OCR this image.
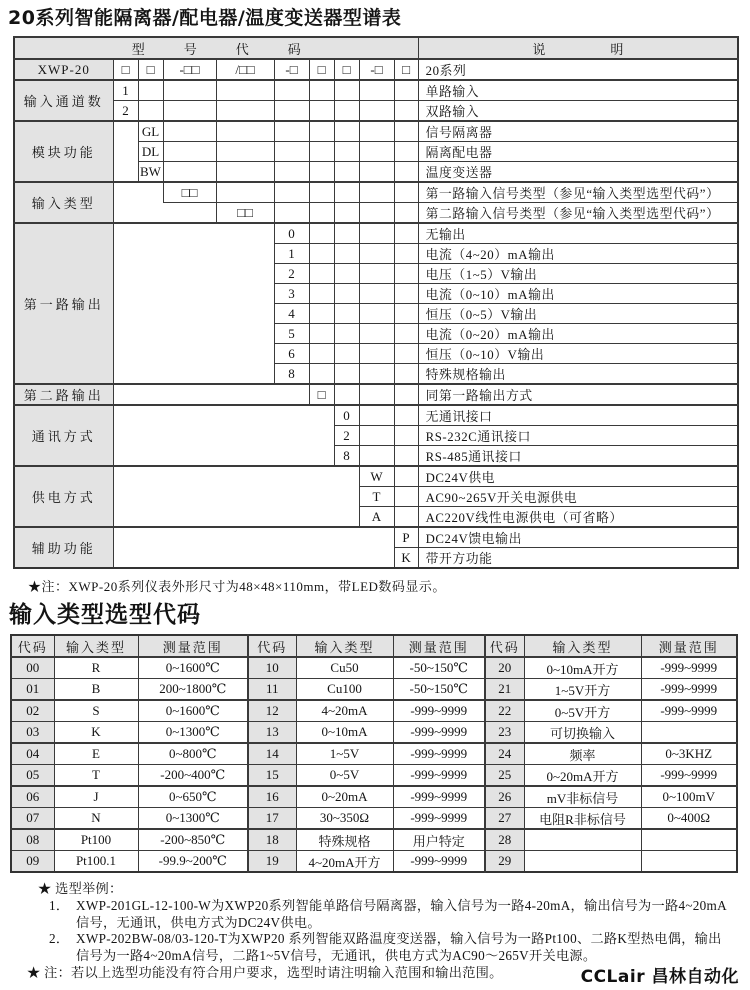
20系列智能隔离器/配电器/温度变送器型谱表
型号代码										说明
XWP-20	□	□	-□□	/□□	-□	□	□	-□	□	20系列
输入通道数	1									单路输入
	2									双路输入
模块功能		GL								信号隔离器
		DL								隔离配电器
		BW								温度变送器
输入类型			□□							第一路输入信号类型（参见“输入类型选型代码”）
				□□						第二路输入信号类型（参见“输入类型选型代码”）
第一路输出					0					无输出
					1					电流（4~20）mA输出
					2					电压（1~5）V输出
					3					电流（0~10）mA输出
					4					恒压（0~5）V输出
					5					电流（0~20）mA输出
					6					恒压（0~10）V输出
					8					特殊规格输出
第二路输出						□				同第一路输出方式
通讯方式							0			无通讯接口
							2			RS-232C通讯接口
							8			RS-485通讯接口
供电方式								W		DC24V供电
								T		AC90~265V开关电源供电
								A		AC220V线性电源供电（可省略）
辅助功能									P	DC24V馈电输出
									K	带开方功能
★注：XWP-20系列仪表外形尺寸为48×48×110mm，带LED数码显示。
输入类型选型代码
代码	输入类型	测量范围	代码	输入类型	测量范围	代码	输入类型	测量范围
00	R	0~1600℃	10	Cu50	-50~150℃	20	0~10mA开方	-999~9999
01	B	200~1800℃	11	Cu100	-50~150℃	21	1~5V开方	-999~9999
02	S	0~1600℃	12	4~20mA	-999~9999	22	0~5V开方	-999~9999
03	K	0~1300℃	13	0~10mA	-999~9999	23	可切换输入	
04	E	0~800℃	14	1~5V	-999~9999	24	频率	0~3KHZ
05	T	-200~400℃	15	0~5V	-999~9999	25	0~20mA开方	-999~9999
06	J	0~650℃	16	0~20mA	-999~9999	26	mV非标信号	0~100mV
07	N	0~1300℃	17	30~350Ω	-999~9999	27	电阻R非标信号	0~400Ω
08	Pt100	-200~850℃	18	特殊规格	用户特定	28		
09	Pt100.1	-99.9~200℃	19	4~20mA开方	-999~9999	29		
★ 选型举例：
1． XWP-201GL-12-100-W为XWP20系列智能单路信号隔离器，输入信号为一路4-20mA，输出信号为一路4~20mA信号，无通讯，供电方式为DC24V供电。
2． XWP-202BW-08/03-120-T为XWP20 系列智能双路温度变送器，输入信号为一路Pt100、二路K型热电偶，输出信号为一路4~20mA信号，二路1~5V信号，无通讯，供电方式为AC90～265V开关电源。
★ 注：若以上选型功能没有符合用户要求，选型时请注明输入范围和输出范围。	CCLair 昌林自动化
